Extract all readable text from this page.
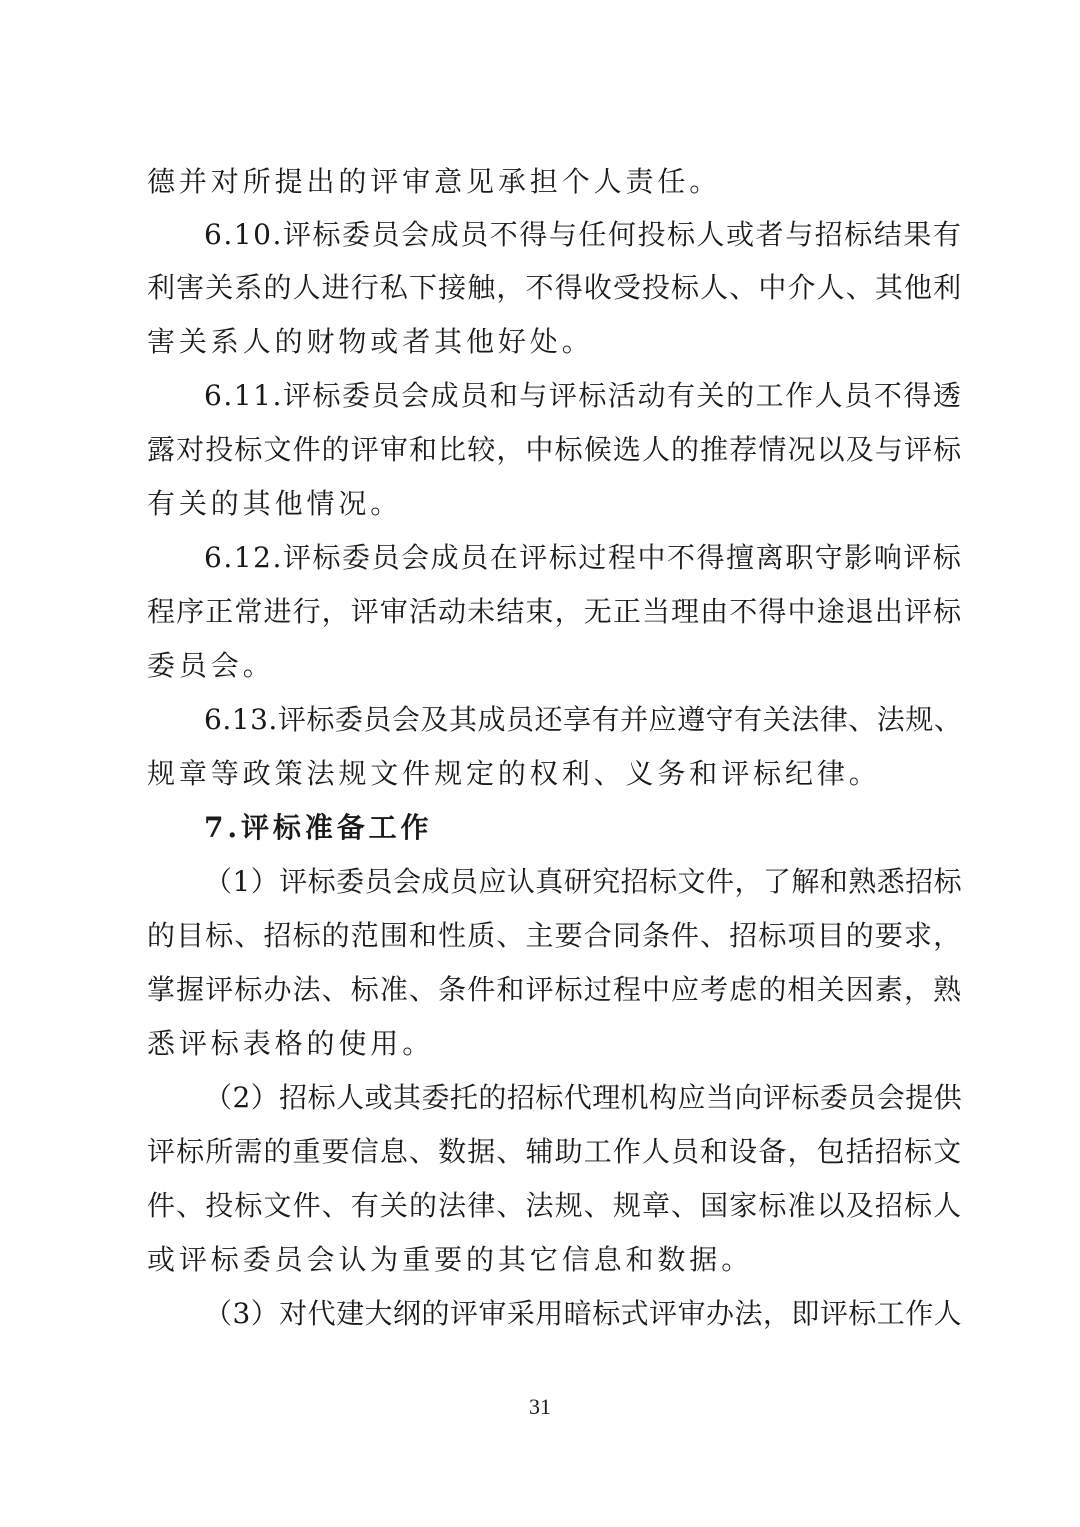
德并对所提出的评审意见承担个人责任。
6.10.评标委员会成员不得与任何投标人或者与招标结果有
利害关系的人进行私下接触，不得收受投标人、中介人、其他利
害关系人的财物或者其他好处。
6.11.评标委员会成员和与评标活动有关的工作人员不得透
露对投标文件的评审和比较，中标候选人的推荐情况以及与评标
有关的其他情况。
6.12.评标委员会成员在评标过程中不得擅离职守影响评标
程序正常进行，评审活动未结束，无正当理由不得中途退出评标
委员会。
6.13.评标委员会及其成员还享有并应遵守有关法律、法规、
规章等政策法规文件规定的权利、义务和评标纪律。
7.评标准备工作
（1）评标委员会成员应认真研究招标文件，了解和熟悉招标
的目标、招标的范围和性质、主要合同条件、招标项目的要求，
掌握评标办法、标准、条件和评标过程中应考虑的相关因素，熟
悉评标表格的使用。
（2）招标人或其委托的招标代理机构应当向评标委员会提供
评标所需的重要信息、数据、辅助工作人员和设备，包括招标文
件、投标文件、有关的法律、法规、规章、国家标准以及招标人
或评标委员会认为重要的其它信息和数据。
（3）对代建大纲的评审采用暗标式评审办法，即评标工作人
31
